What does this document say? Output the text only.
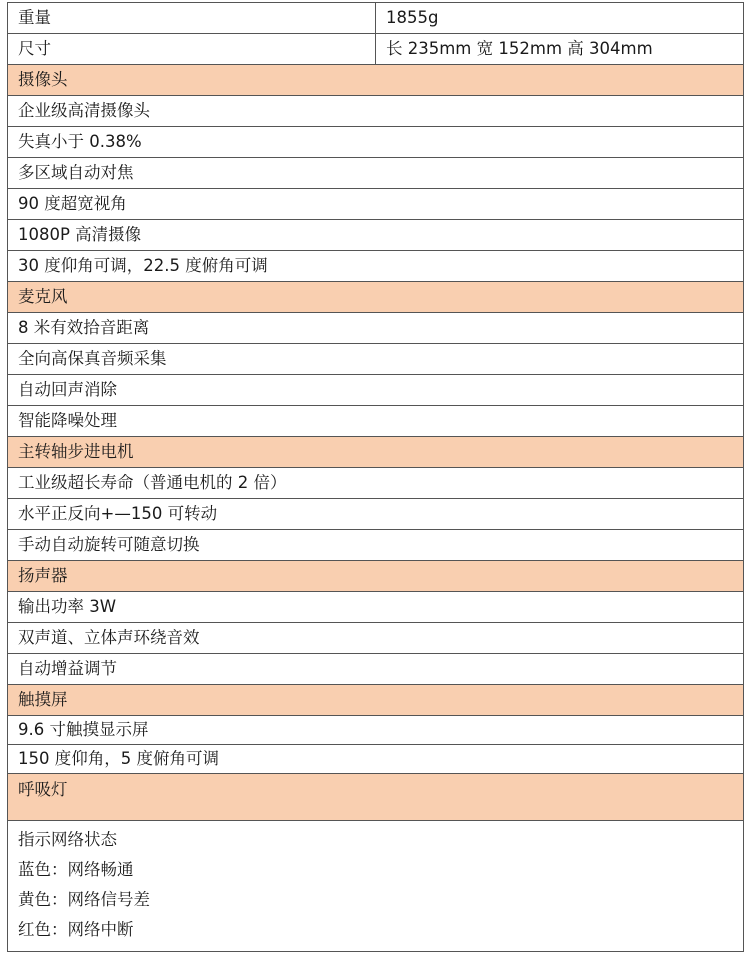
重量	1855g
尺寸	长 235mm 宽 152mm 高 304mm
摄像头	
企业级高清摄像头	
失真小于 0.38%	
多区域自动对焦	
90 度超宽视角	
1080P 高清摄像	
30 度仰角可调，22.5 度俯角可调	
麦克风	
8 米有效拾音距离	
全向高保真音频采集	
自动回声消除	
智能降噪处理	
主转轴步进电机	
工业级超长寿命（普通电机的 2 倍）	
水平正反向+—150 可转动	
手动自动旋转可随意切换	
扬声器	
输出功率 3W	
双声道、立体声环绕音效	
自动增益调节	
触摸屏	
9.6 寸触摸显示屏	
150 度仰角，5 度俯角可调	
呼吸灯	

指示网络状态
蓝色：网络畅通
黄色：网络信号差
红色：网络中断	
